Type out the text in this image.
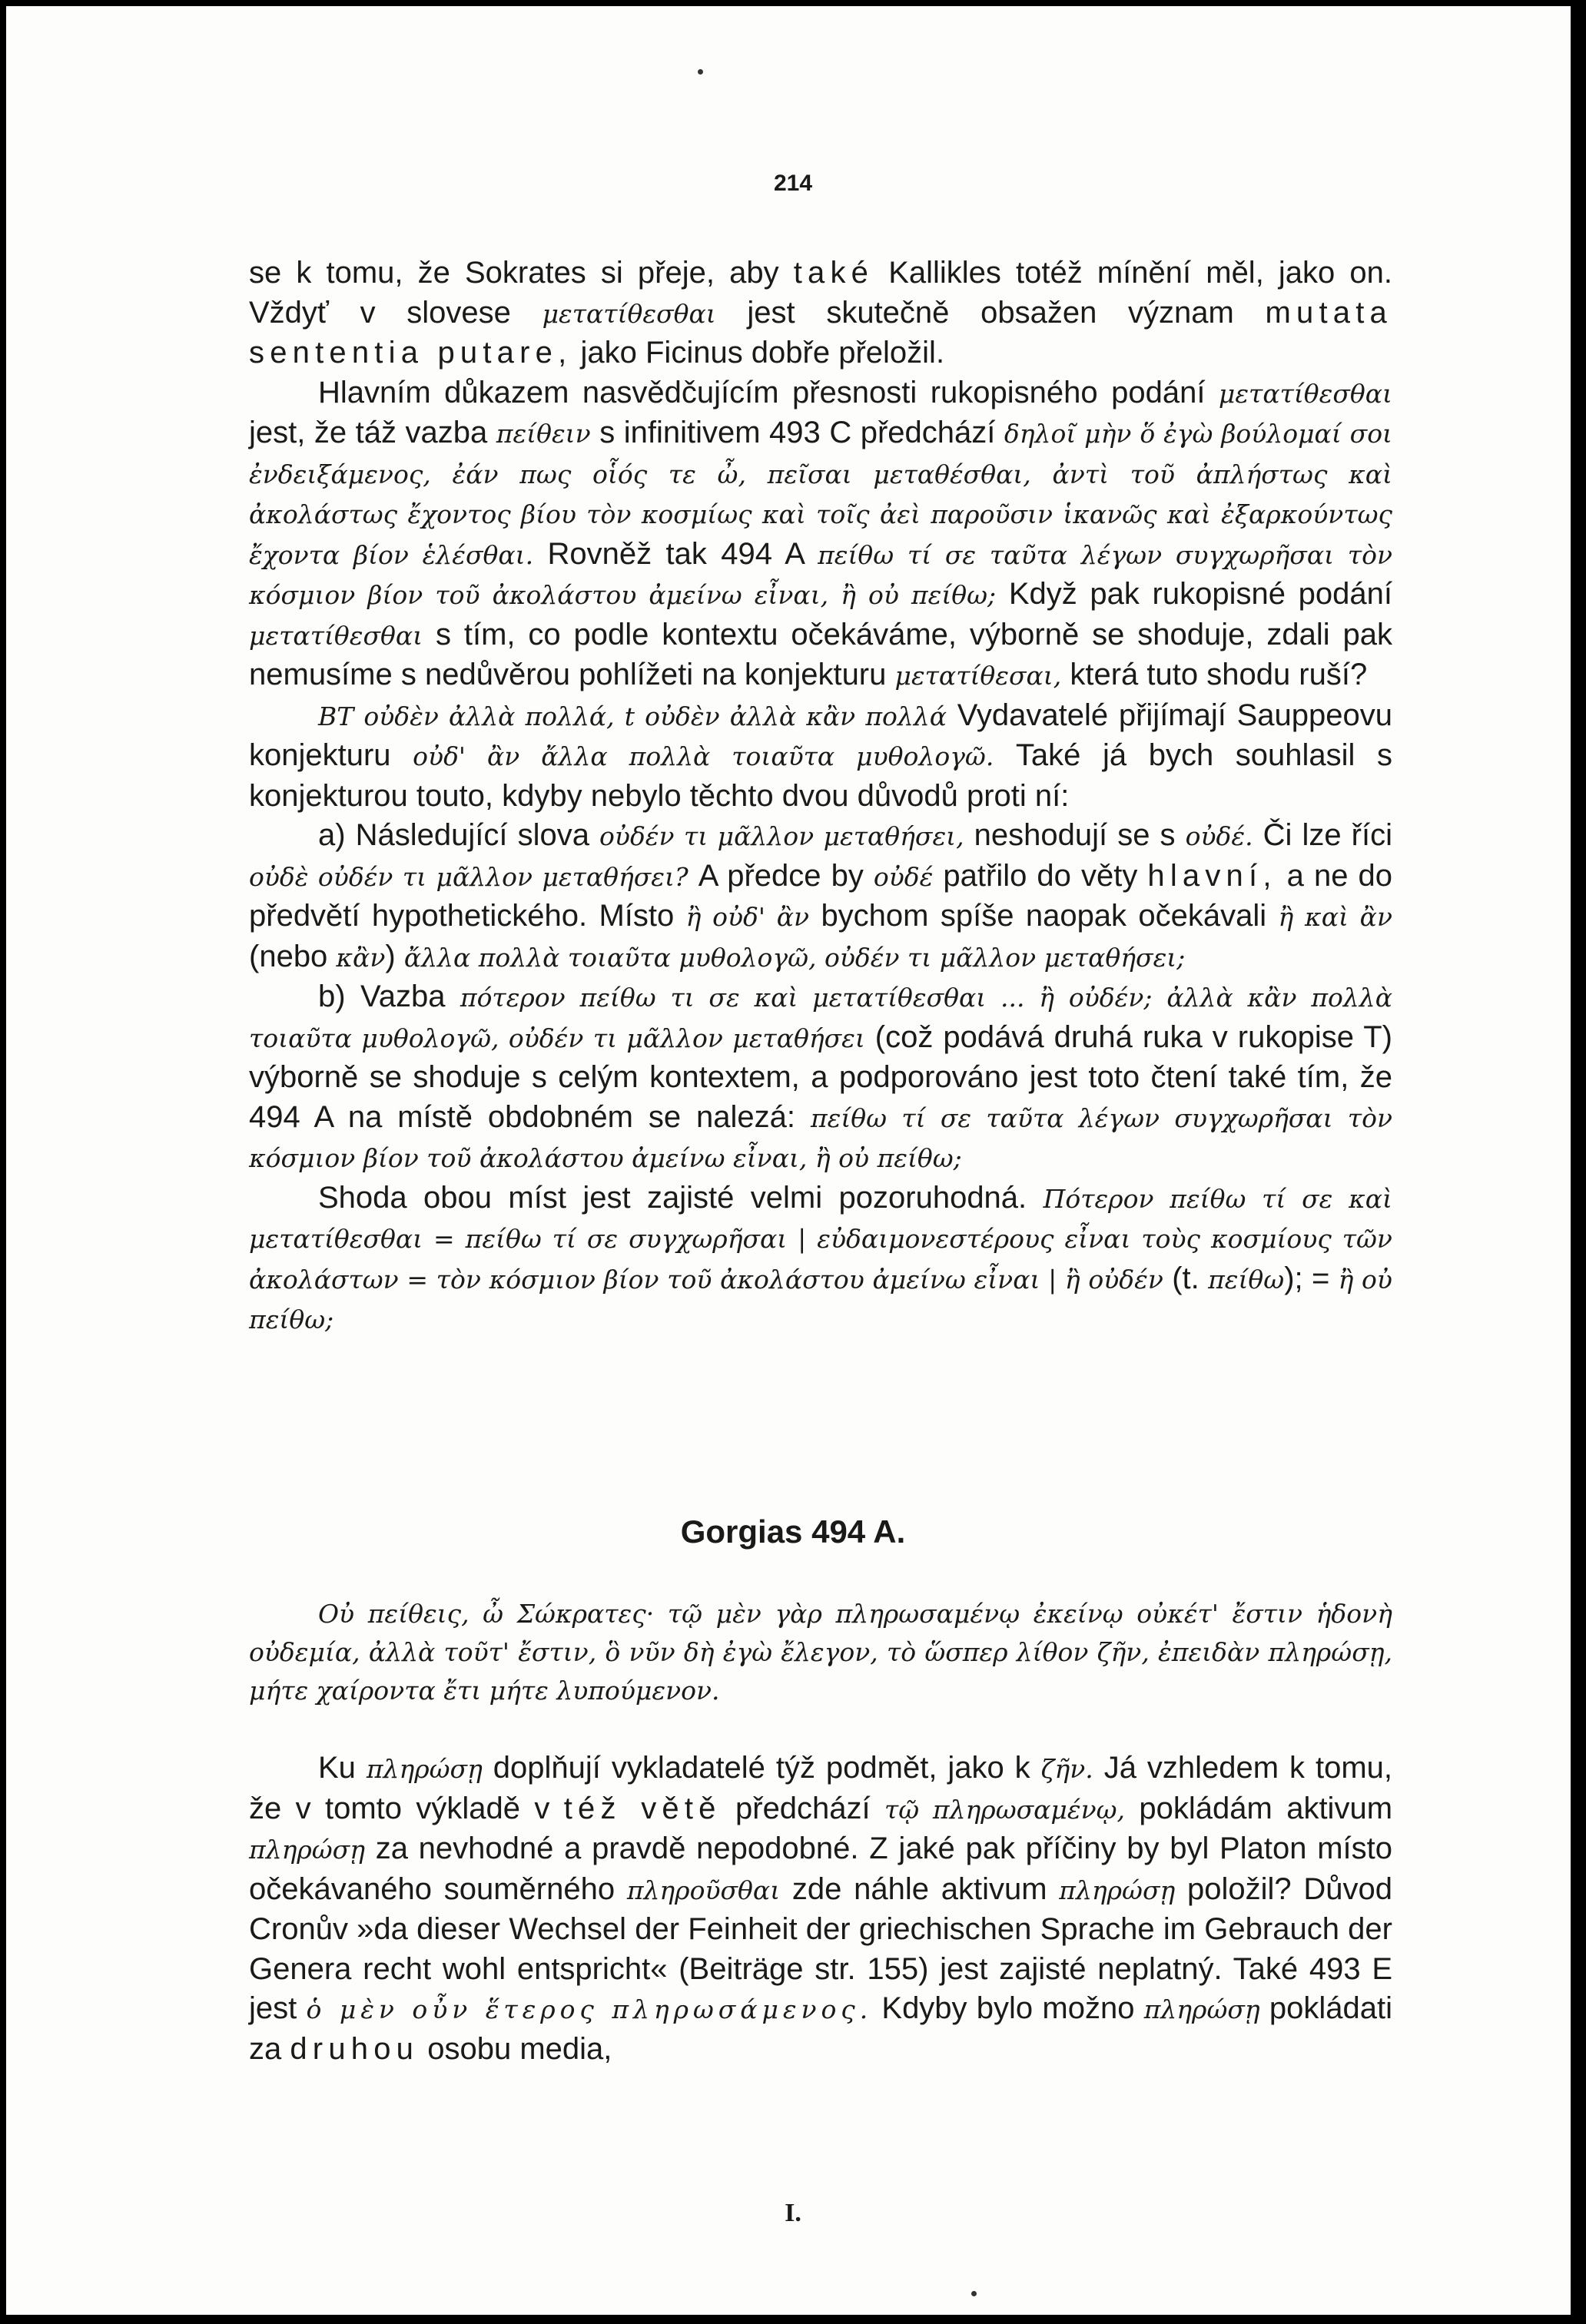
214

se k tomu, že Sokrates si přeje, aby také Kallikles totéž mínění měl, jako on. Vždyť v slovese μετατίθεσθαι jest skutečně obsažen význam mutata sententia putare, jako Ficinus dobře přeložil.

Hlavním důkazem nasvědčujícím přesnosti rukopisného podání μετατίθεσθαι jest, že táž vazba πείθειν s infinitivem 493 C předchází δηλοῖ μὴν ὅ ἐγὼ βούλομαί σοι ἐνδειξάμενος, ἐάν πως οἷός τε ὦ, πεῖσαι μεταθέσθαι, ἀντὶ τοῦ ἀπλήστως καὶ ἀκολάστως ἔχοντος βίου τὸν κοσμίως καὶ τοῖς ἀεὶ παροῦσιν ἱκανῶς καὶ ἐξαρκούντως ἔχοντα βίον ἑλέσθαι. Rovněž tak 494 A πείθω τί σε ταῦτα λέγων συγχωρῆσαι τὸν κόσμιον βίον τοῦ ἀκολάστου ἀμείνω εἶναι, ἢ οὐ πείθω; Když pak rukopisné podání μετατίθεσθαι s tím, co podle kontextu očekáváme, výborně se shoduje, zdali pak nemusíme s nedůvěrou pohlížeti na konjekturu μετατίθεσαι, která tuto shodu ruší?

BT οὐδὲν ἀλλὰ πολλά, t οὐδὲν ἀλλὰ κἂν πολλά Vydavatelé přijímají Sauppeovu konjekturu οὐδ' ἂν ἄλλα πολλὰ τοιαῦτα μυθολογῶ. Také já bych souhlasil s konjekturou touto, kdyby nebylo těchto dvou důvodů proti ní:

a) Následující slova οὐδέν τι μᾶλλον μεταθήσει, neshodují se s οὐδέ. Či lze říci οὐδὲ οὐδέν τι μᾶλλον μεταθήσει? A předce by οὐδέ patřilo do věty hlavní, a ne do předvětí hypothetického. Místo ἢ οὐδ' ἂν bychom spíše naopak očekávali ἢ καὶ ἂν (nebo κἂν) ἄλλα πολλὰ τοιαῦτα μυθολογῶ, οὐδέν τι μᾶλλον μεταθήσει;

b) Vazba πότερον πείθω τι σε καὶ μετατίθεσθαι ... ἢ οὐδέν; ἀλλὰ κἂν πολλὰ τοιαῦτα μυθολογῶ, οὐδέν τι μᾶλλον μεταθήσει (což podává druhá ruka v rukopise T) výborně se shoduje s celým kontextem, a podporováno jest toto čtení také tím, že 494 A na místě obdobném se nalezá: πείθω τί σε ταῦτα λέγων συγχωρῆσαι τὸν κόσμιον βίον τοῦ ἀκολάστου ἀμείνω εἶναι, ἢ οὐ πείθω;

Shoda obou míst jest zajisté velmi pozoruhodná. Πότερον πείθω τί σε καὶ μετατίθεσθαι = πείθω τί σε συγχωρῆσαι | εὐδαιμονεστέρους εἶναι τοὺς κοσμίους τῶν ἀκολάστων = τὸν κόσμιον βίον τοῦ ἀκολάστου ἀμείνω εἶναι | ἢ οὐδέν (t. πείθω); = ἢ οὐ πείθω;

Gorgias 494 A.
Οὐ πείθεις, ὦ Σώκρατες· τῷ μὲν γὰρ πληρωσαμένῳ ἐκείνῳ οὐκέτ' ἔστιν ἡδονὴ οὐδεμία, ἀλλὰ τοῦτ' ἔστιν, ὃ νῦν δὴ ἐγὼ ἔλεγον, τὸ ὥσπερ λίθον ζῆν, ἐπειδὰν πληρώσῃ, μήτε χαίροντα ἔτι μήτε λυπούμενον.

Ku πληρώσῃ doplňují vykladatelé týž podmět, jako k ζῆν. Já vzhledem k tomu, že v tomto výkladě v též větě předchází τῷ πληρωσαμένῳ, pokládám aktivum πληρώσῃ za nevhodné a pravdě nepodobné. Z jaké pak příčiny by byl Platon místo očekávaného souměrného πληροῦσθαι zde náhle aktivum πληρώσῃ položil? Důvod Cronův »da dieser Wechsel der Feinheit der griechischen Sprache im Gebrauch der Genera recht wohl entspricht« (Beiträge str. 155) jest zajisté neplatný. Také 493 E jest ὁ μὲν οὖν ἕτερος πληρωσάμενος. Kdyby bylo možno πληρώσῃ pokládati za druhou osobu media,

I.
